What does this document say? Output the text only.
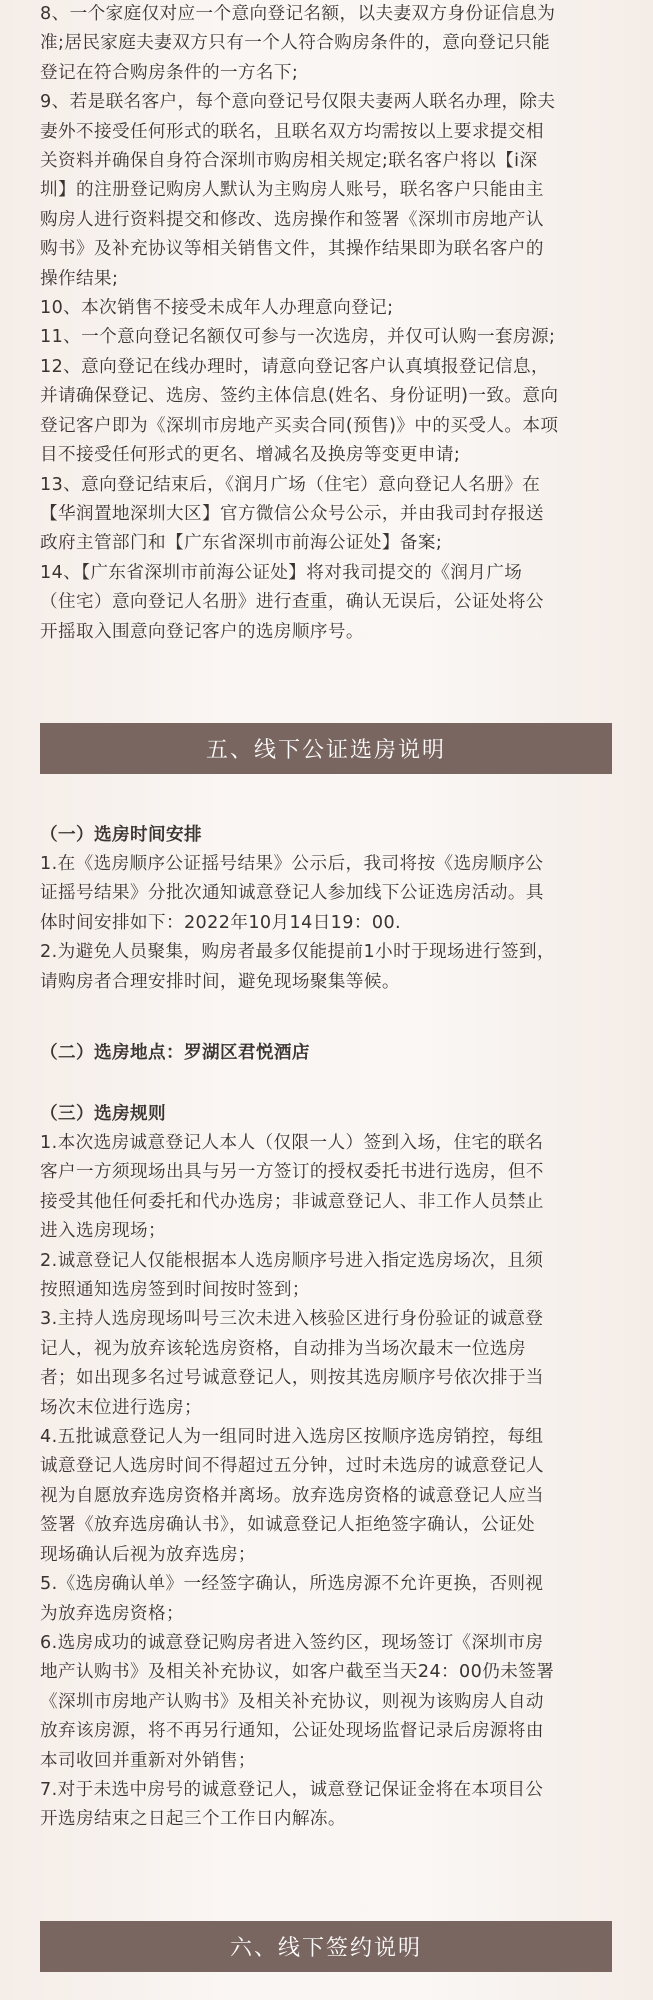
8、一个家庭仅对应一个意向登记名额，以夫妻双方身份证信息为
准;居民家庭夫妻双方只有一个人符合购房条件的，意向登记只能
登记在符合购房条件的一方名下;
9、若是联名客户，每个意向登记号仅限夫妻两人联名办理，除夫
妻外不接受任何形式的联名，且联名双方均需按以上要求提交相
关资料并确保自身符合深圳市购房相关规定;联名客户将以【i深
圳】的注册登记购房人默认为主购房人账号，联名客户只能由主
购房人进行资料提交和修改、选房操作和签署《深圳市房地产认
购书》及补充协议等相关销售文件，其操作结果即为联名客户的
操作结果;
10、本次销售不接受未成年人办理意向登记;
11、一个意向登记名额仅可参与一次选房，并仅可认购一套房源;
12、意向登记在线办理时，请意向登记客户认真填报登记信息，
并请确保登记、选房、签约主体信息(姓名、身份证明)一致。意向
登记客户即为《深圳市房地产买卖合同(预售)》中的买受人。本项
目不接受任何形式的更名、增减名及换房等变更申请;
13、意向登记结束后，《润月广场（住宅）意向登记人名册》在
【华润置地深圳大区】官方微信公众号公示，并由我司封存报送
政府主管部门和【广东省深圳市前海公证处】备案;
14、【广东省深圳市前海公证处】将对我司提交的《润月广场
（住宅）意向登记人名册》进行查重，确认无误后，公证处将公
开摇取入围意向登记客户的选房顺序号。

五、线下公证选房说明
（一）选房时间安排

1.在《选房顺序公证摇号结果》公示后，我司将按《选房顺序公
证摇号结果》分批次通知诚意登记人参加线下公证选房活动。具
体时间安排如下：2022年10月14日19：00.
2.为避免人员聚集，购房者最多仅能提前1小时于现场进行签到，
请购房者合理安排时间，避免现场聚集等候。

（二）选房地点：罗湖区君悦酒店
（三）选房规则

1.本次选房诚意登记人本人（仅限一人）签到入场，住宅的联名
客户一方须现场出具与另一方签订的授权委托书进行选房，但不
接受其他任何委托和代办选房；非诚意登记人、非工作人员禁止
进入选房现场；
2.诚意登记人仅能根据本人选房顺序号进入指定选房场次，且须
按照通知选房签到时间按时签到；
3.主持人选房现场叫号三次未进入核验区进行身份验证的诚意登
记人，视为放弃该轮选房资格，自动排为当场次最末一位选房
者；如出现多名过号诚意登记人，则按其选房顺序号依次排于当
场次末位进行选房；
4.五批诚意登记人为一组同时进入选房区按顺序选房销控，每组
诚意登记人选房时间不得超过五分钟，过时未选房的诚意登记人
视为自愿放弃选房资格并离场。放弃选房资格的诚意登记人应当
签署《放弃选房确认书》，如诚意登记人拒绝签字确认，公证处
现场确认后视为放弃选房；
5.《选房确认单》一经签字确认，所选房源不允许更换，否则视
为放弃选房资格；
6.选房成功的诚意登记购房者进入签约区，现场签订《深圳市房
地产认购书》及相关补充协议，如客户截至当天24：00仍未签署
《深圳市房地产认购书》及相关补充协议，则视为该购房人自动
放弃该房源，将不再另行通知，公证处现场监督记录后房源将由
本司收回并重新对外销售；
7.对于未选中房号的诚意登记人，诚意登记保证金将在本项目公
开选房结束之日起三个工作日内解冻。

六、线下签约说明
